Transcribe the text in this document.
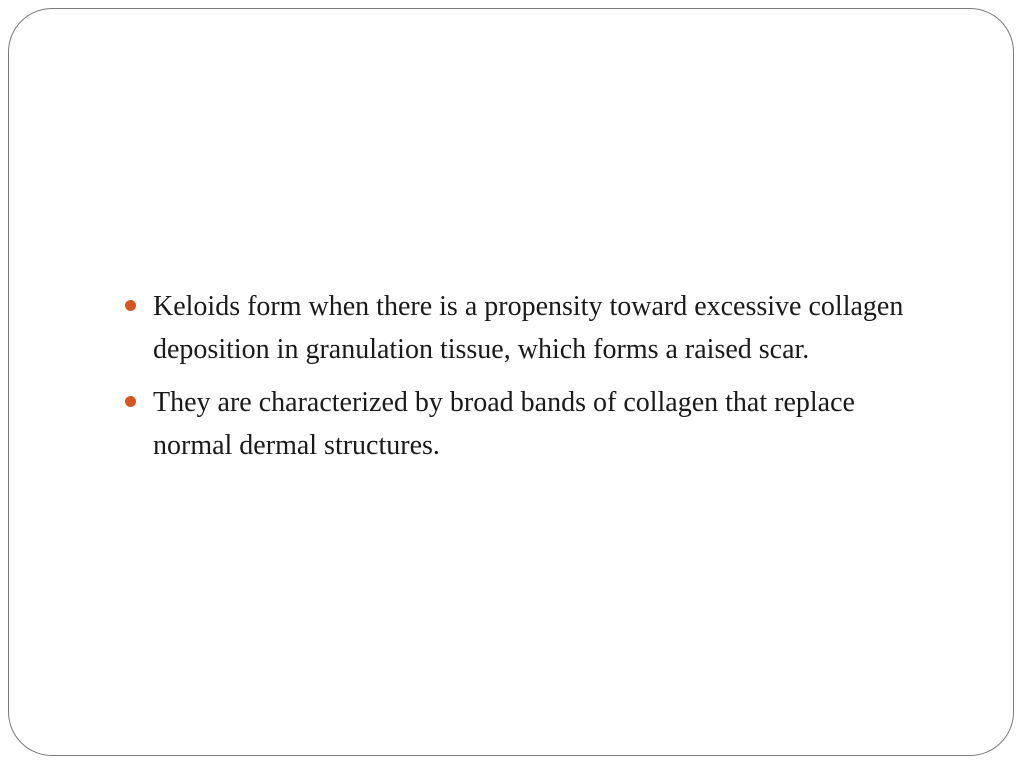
Keloids form when there is a propensity toward excessive collagen deposition in granulation tissue, which forms a raised scar.
They are characterized by broad bands of collagen that replace normal dermal structures.
